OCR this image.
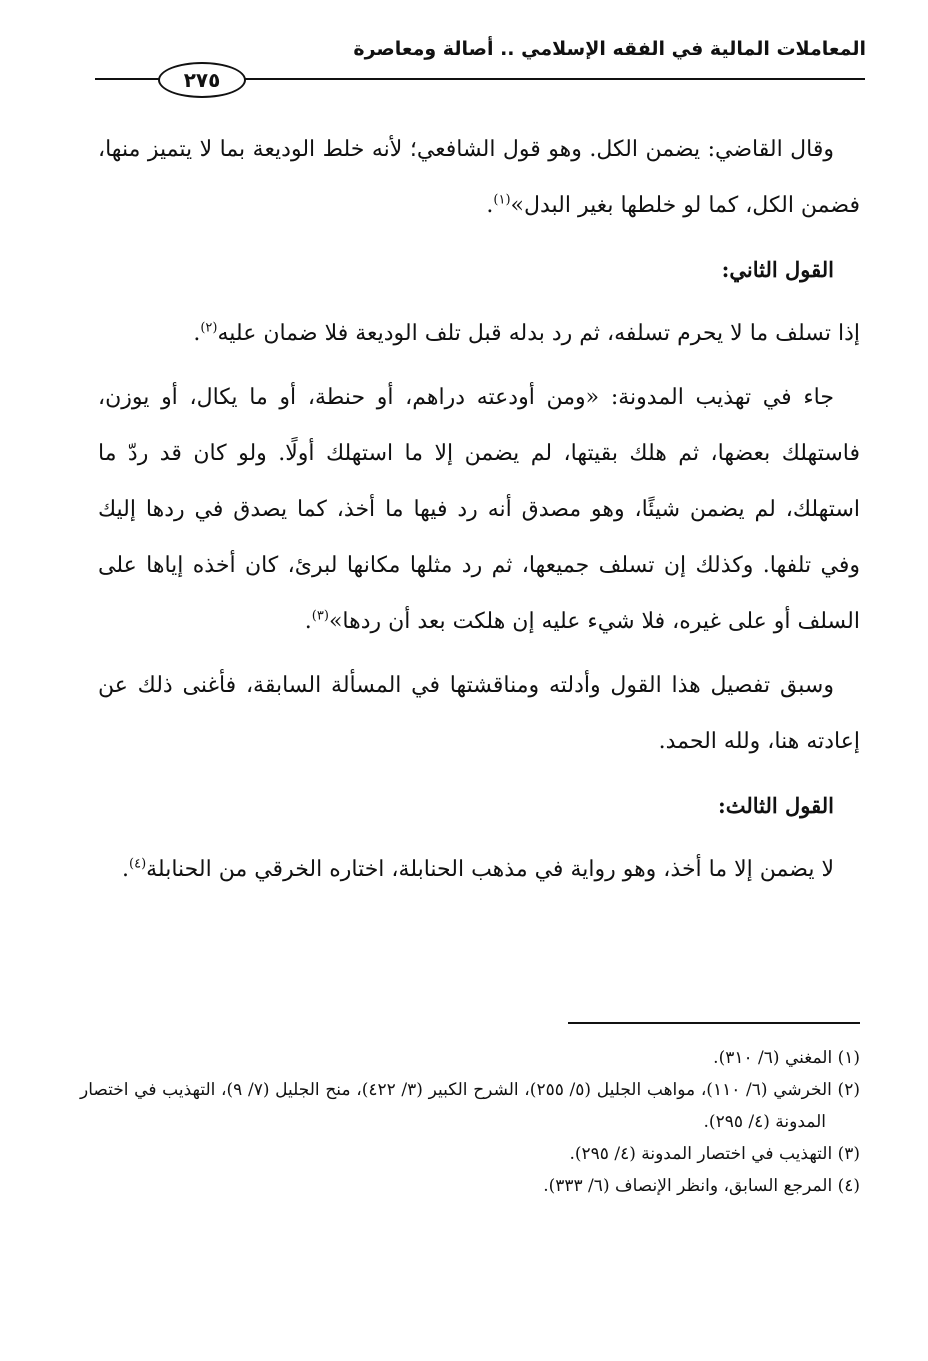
المعاملات المالية في الفقه الإسلامي .. أصالة ومعاصرة
٢٧٥

وقال القاضي: يضمن الكل. وهو قول الشافعي؛ لأنه خلط الوديعة بما لا يتميز منها، فضمن الكل، كما لو خلطها بغير البدل»$^{(١)}$.

القول الثاني:

إذا تسلف ما لا يحرم تسلفه، ثم رد بدله قبل تلف الوديعة فلا ضمان عليه$^{(٢)}$.

جاء في تهذيب المدونة: «ومن أودعته دراهم، أو حنطة، أو ما يكال، أو يوزن، فاستهلك بعضها، ثم هلك بقيتها، لم يضمن إلا ما استهلك أولًا. ولو كان قد ردّ ما استهلك، لم يضمن شيئًا، وهو مصدق أنه رد فيها ما أخذ، كما يصدق في ردها إليك وفي تلفها. وكذلك إن تسلف جميعها، ثم رد مثلها مكانها لبرئ، كان أخذه إياها على السلف أو على غيره، فلا شيء عليه إن هلكت بعد أن ردها»$^{(٣)}$.

وسبق تفصيل هذا القول وأدلته ومناقشتها في المسألة السابقة، فأغنى ذلك عن إعادته هنا، ولله الحمد.

القول الثالث:

لا يضمن إلا ما أخذ، وهو رواية في مذهب الحنابلة، اختاره الخرقي من الحنابلة$^{(٤)}$.

(١) المغني (٦/ ٣١٠).

(٢) الخرشي (٦/ ١١٠)، مواهب الجليل (٥/ ٢٥٥)، الشرح الكبير (٣/ ٤٢٢)، منح الجليل (٧/ ٩)، التهذيب في اختصار المدونة (٤/ ٢٩٥).

(٣) التهذيب في اختصار المدونة (٤/ ٢٩٥).

(٤) المرجع السابق، وانظر الإنصاف (٦/ ٣٣٣).
